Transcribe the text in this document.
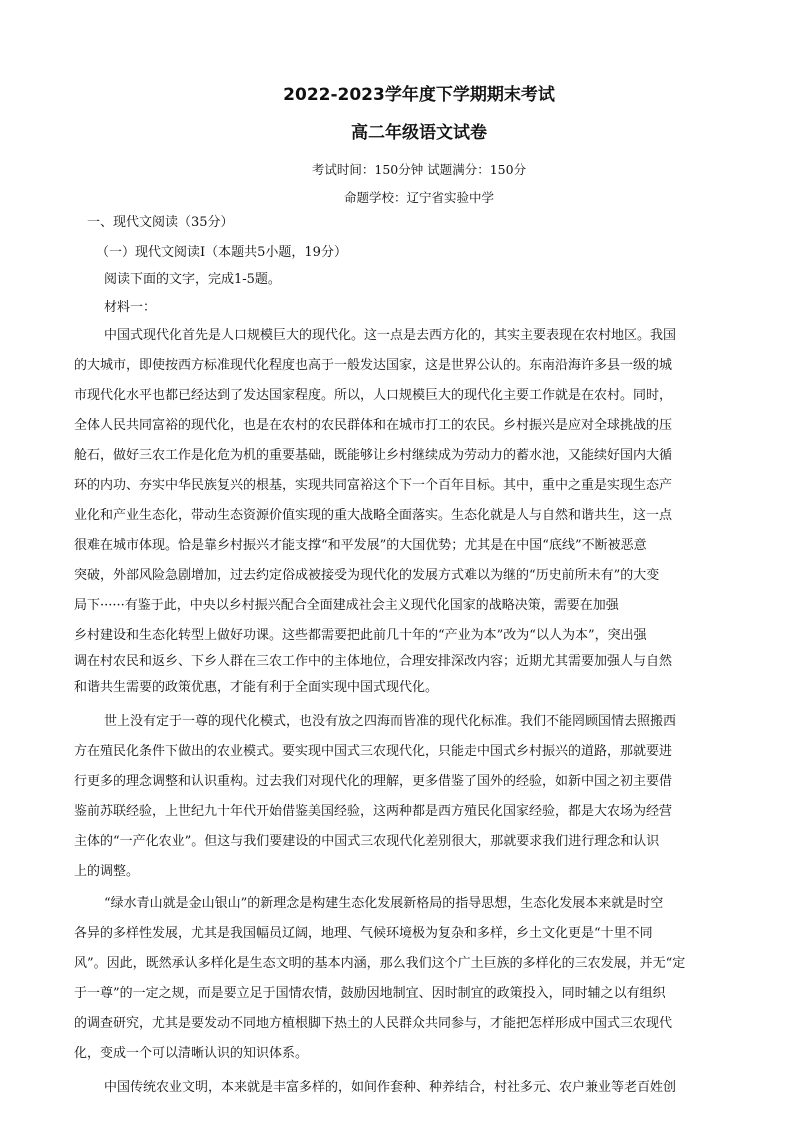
2022-2023学年度下学期期末考试
高二年级语文试卷
考试时间：150分钟 试题满分：150分
命题学校：辽宁省实验中学
一、现代文阅读（35分）
（一）现代文阅读I（本题共5小题，19分）
阅读下面的文字，完成1-5题。
材料一：
中国式现代化首先是人口规模巨大的现代化。这一点是去西方化的，其实主要表现在农村地区。我国
的大城市，即使按西方标准现代化程度也高于一般发达国家，这是世界公认的。东南沿海许多县一级的城
市现代化水平也都已经达到了发达国家程度。所以，人口规模巨大的现代化主要工作就是在农村。同时，
全体人民共同富裕的现代化，也是在农村的农民群体和在城市打工的农民。乡村振兴是应对全球挑战的压
舱石，做好三农工作是化危为机的重要基础，既能够让乡村继续成为劳动力的蓄水池，又能续好国内大循
环的内功、夯实中华民族复兴的根基，实现共同富裕这个下一个百年目标。其中，重中之重是实现生态产
业化和产业生态化，带动生态资源价值实现的重大战略全面落实。生态化就是人与自然和谐共生，这一点
很难在城市体现。恰是靠乡村振兴才能支撑“和平发展”的大国优势；尤其是在中国“底线”不断被恶意
突破，外部风险急剧增加，过去约定俗成被接受为现代化的发展方式难以为继的“历史前所未有”的大变
局下······有鉴于此，中央以乡村振兴配合全面建成社会主义现代化国家的战略决策，需要在加强
乡村建设和生态化转型上做好功课。这些都需要把此前几十年的“产业为本”改为“以人为本”，突出强
调在村农民和返乡、下乡人群在三农工作中的主体地位，合理安排深改内容；近期尤其需要加强人与自然
和谐共生需要的政策优惠，才能有利于全面实现中国式现代化。
世上没有定于一尊的现代化模式，也没有放之四海而皆准的现代化标准。我们不能罔顾国情去照搬西
方在殖民化条件下做出的农业模式。要实现中国式三农现代化，只能走中国式乡村振兴的道路，那就要进
行更多的理念调整和认识重构。过去我们对现代化的理解，更多借鉴了国外的经验，如新中国之初主要借
鉴前苏联经验，上世纪九十年代开始借鉴美国经验，这两种都是西方殖民化国家经验，都是大农场为经营
主体的“一产化农业”。但这与我们要建设的中国式三农现代化差别很大，那就要求我们进行理念和认识
上的调整。
“绿水青山就是金山银山”的新理念是构建生态化发展新格局的指导思想，生态化发展本来就是时空
各异的多样性发展，尤其是我国幅员辽阔，地理、气候环境极为复杂和多样，乡土文化更是“十里不同
风”。因此，既然承认多样化是生态文明的基本内涵，那么我们这个广土巨族的多样化的三农发展，并无“定
于一尊”的一定之规，而是要立足于国情农情，鼓励因地制宜、因时制宜的政策投入，同时辅之以有组织
的调查研究，尤其是要发动不同地方植根脚下热土的人民群众共同参与，才能把怎样形成中国式三农现代
化，变成一个可以清晰认识的知识体系。
中国传统农业文明，本来就是丰富多样的，如间作套种、种养结合，村社多元、农户兼业等老百姓创
